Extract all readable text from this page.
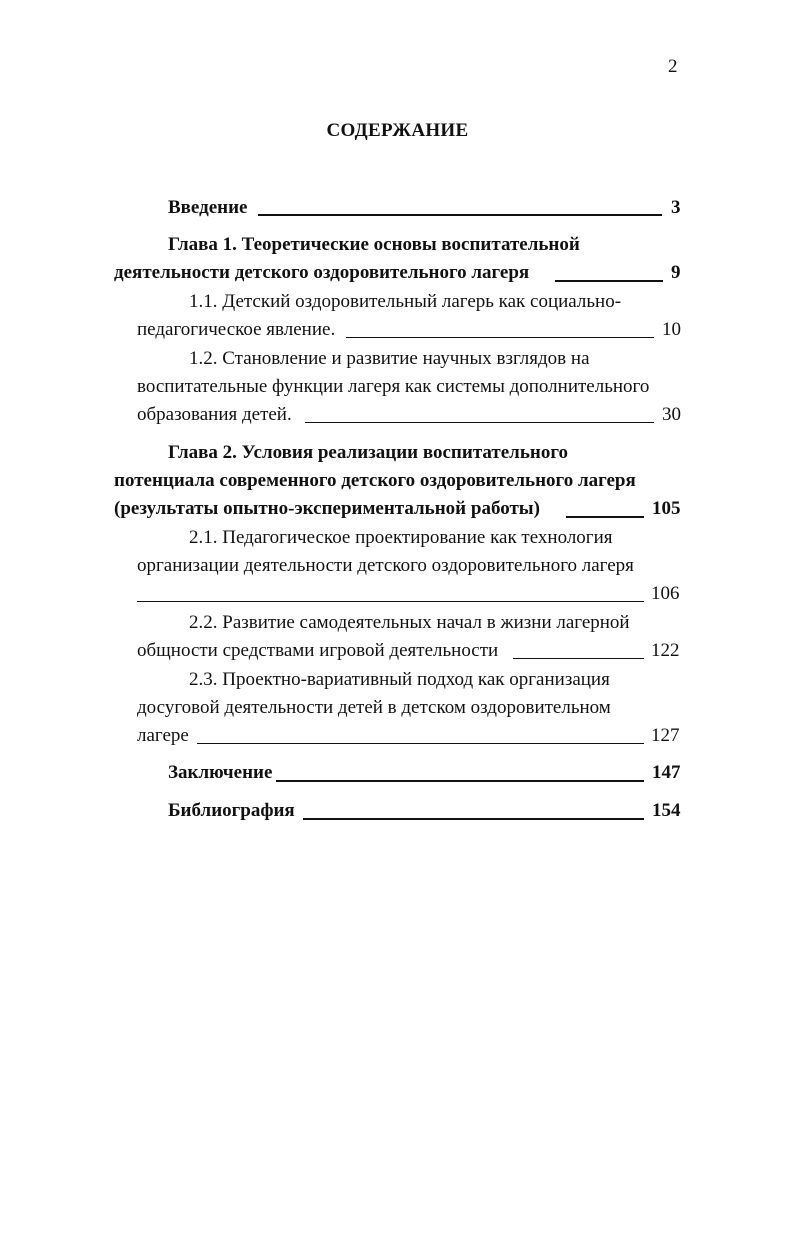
2
СОДЕРЖАНИЕ
Введение	3
Глава 1. Теоретические основы воспитательной
деятельности детского оздоровительного лагеря	9
1.1. Детский оздоровительный лагерь как социально-
педагогическое явление.	10
1.2. Становление и развитие научных взглядов на
воспитательные функции лагеря как системы дополнительного
образования детей.	30
Глава 2. Условия реализации воспитательного
потенциала современного детского оздоровительного лагеря
(результаты опытно-экспериментальной работы)	105
2.1. Педагогическое проектирование как технология
организации деятельности детского оздоровительного лагеря
106
2.2. Развитие самодеятельных начал в жизни лагерной
общности средствами игровой деятельности	122
2.3. Проектно-вариативный подход как организация
досуговой деятельности детей в детском оздоровительном
лагере	127
Заключение	147
Библиография	154
